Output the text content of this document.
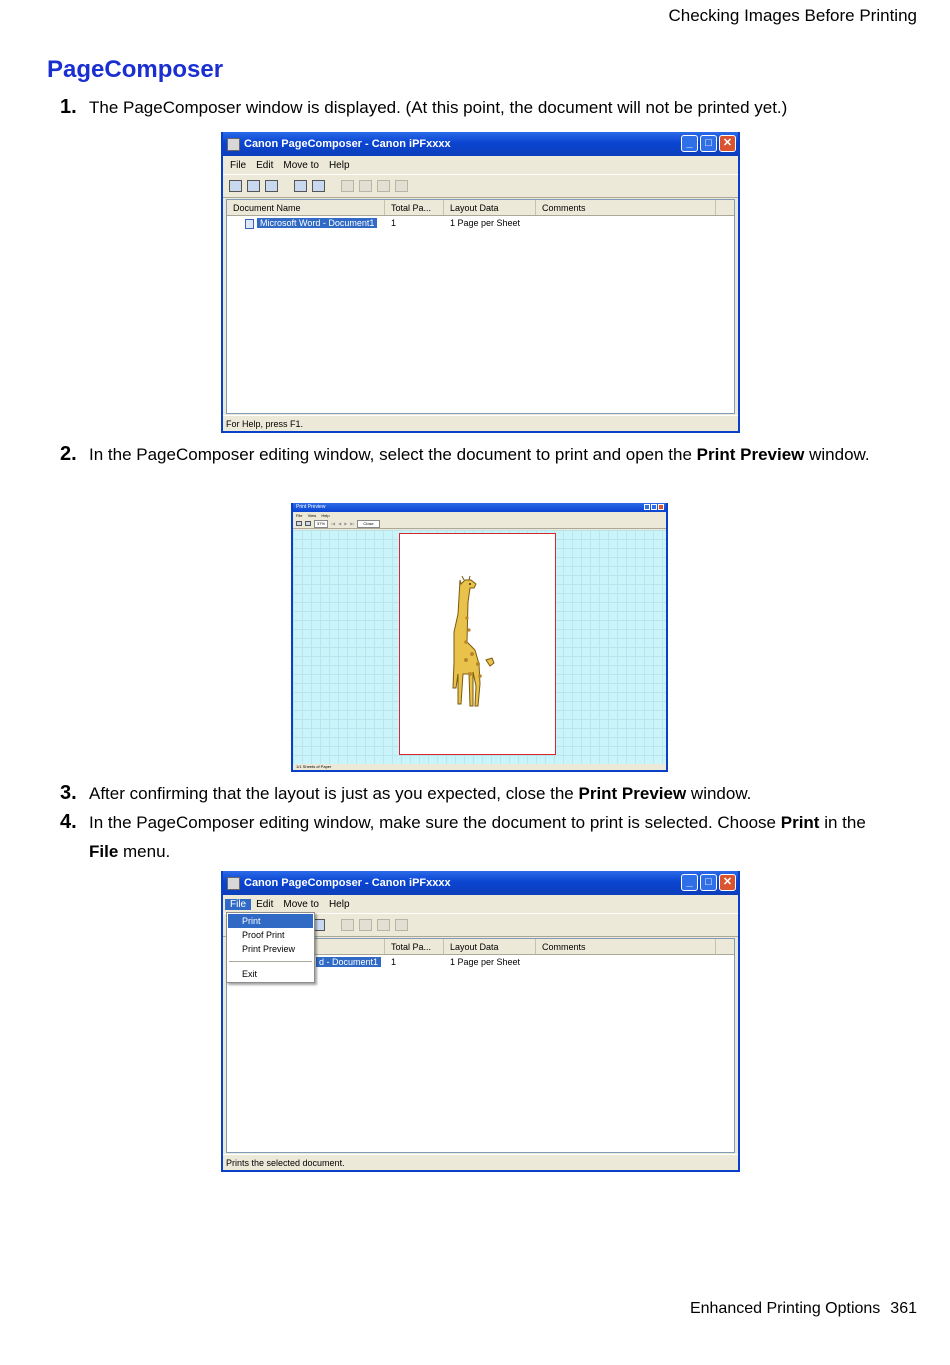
Checking Images Before Printing
PageComposer
1. The PageComposer window is displayed. (At this point, the document will not be printed yet.)
Canon PageComposer - Canon iPFxxxx	_	□	✕
File	Edit	Move to	Help
Document Name	Total Pa...	Layout Data	Comments
Microsoft Word - Document1	1	1 Page per Sheet
For Help, press F1.
2. In the PageComposer editing window, select the document to print and open the Print Preview window.
Print Preview
File View Help
37%	|◀ ◀ ▶ ▶|	Close
1/1 Sheets of Paper
3. After confirming that the layout is just as you expected, close the Print Preview window.
4. In the PageComposer editing window, make sure the document to print is selected. Choose Print in the File menu.
Canon PageComposer - Canon iPFxxxx	_	□	✕
File	Edit	Move to	Help
Total Pa...	Layout Data	Comments
d - Document1	1	1 Page per Sheet
Print
Proof Print
Print Preview
Exit
Prints the selected document.
Enhanced Printing Options 361
